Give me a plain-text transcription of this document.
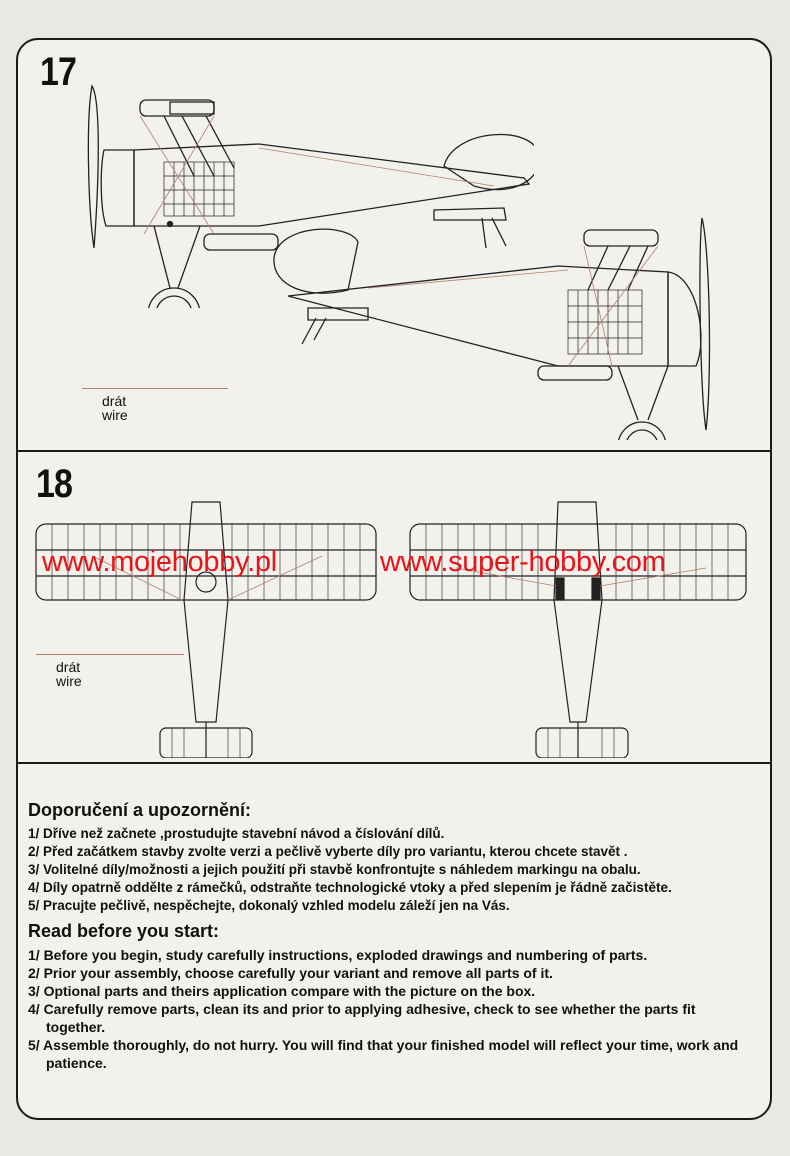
17
drát
wire
18
drát
wire
www.mojehobby.pl	www.super-hobby.com

Doporučení a upozornění:

1/ Dříve než začnete ,prostudujte stavební návod a číslování dílů.

2/ Před začátkem stavby zvolte verzi a pečlivě vyberte díly pro variantu, kterou chcete stavět .

3/ Volitelné díly/možnosti a jejich použití při stavbě konfrontujte s náhledem markingu na obalu.

4/ Díly opatrně oddělte z rámečků, odstraňte technologické vtoky a před slepením je řádně začistěte.

5/ Pracujte pečlivě, nespěchejte, dokonalý vzhled modelu záleží jen na Vás.

Read before you start:

1/ Before you begin, study carefully instructions, exploded drawings and numbering of parts.

2/ Prior your assembly, choose carefully your variant and remove all parts of it.

3/ Optional parts and theirs application compare with the picture on the box.

4/ Carefully remove parts, clean its and prior to applying adhesive, check to see whether the parts fit together.

5/ Assemble thoroughly, do not hurry. You will find that your finished model will reflect your time, work and patience.
